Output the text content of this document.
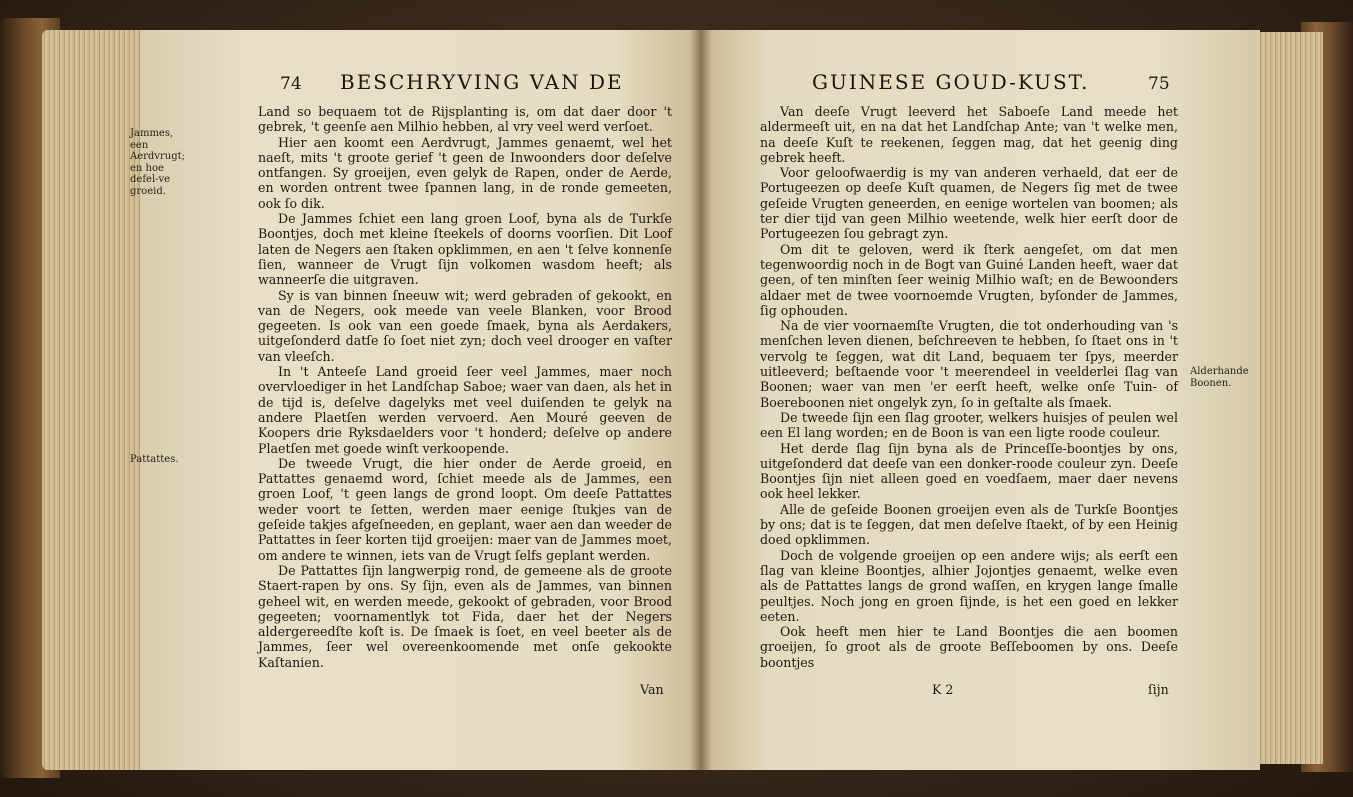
74 BESCHRYVING VAN DE
Jammes, een Aerdvrugt; en hoe defel-ve groeid.
Pattattes.

Land so bequaem tot de Rijsplanting is, om dat daer door 't gebrek, 't geenſe aen Milhio hebben, al vry veel werd verſoet.

Hier aen koomt een Aerdvrugt, Jammes genaemt, wel het naeſt, mits 't groote gerief 't geen de Inwoonders door deſelve ontfangen. Sy groeijen, even gelyk de Rapen, onder de Aerde, en worden ontrent twee ſpannen lang, in de ronde gemeeten, ook ſo dik.

De Jammes ſchiet een lang groen Loof, byna als de Turkſe Boontjes, doch met kleine ſteekels of doorns voorſien. Dit Loof laten de Negers aen ſtaken opklimmen, en aen 't ſelve konnenſe ſien, wanneer de Vrugt ſijn volkomen wasdom heeft; als wanneerſe die uitgraven.

Sy is van binnen ſneeuw wit; werd gebraden of gekookt, en van de Negers, ook meede van veele Blanken, voor Brood gegeeten. Is ook van een goede ſmaek, byna als Aerdakers, uitgeſonderd datſe ſo ſoet niet zyn; doch veel drooger en vaſter van vleeſch.

In 't Anteeſe Land groeid ſeer veel Jammes, maer noch overvloediger in het Landſchap Saboe; waer van daen, als het in de tijd is, deſelve dagelyks met veel duiſenden te gelyk na andere Plaetſen werden vervoerd. Aen Mouré geeven de Koopers drie Ryksdaelders voor 't honderd; deſelve op andere Plaetſen met goede winſt verkoopende.

De tweede Vrugt, die hier onder de Aerde groeid, en Pattattes genaemd word, ſchiet meede als de Jammes, een groen Loof, 't geen langs de grond loopt. Om deeſe Pattattes weder voort te ſetten, werden maer eenige ſtukjes van de geſeide takjes afgeſneeden, en geplant, waer aen dan weeder de Pattattes in ſeer korten tijd groeijen: maer van de Jammes moet, om andere te winnen, iets van de Vrugt ſelfs geplant werden.

De Pattattes ſijn langwerpig rond, de gemeene als de groote Staert-rapen by ons. Sy ſijn, even als de Jammes, van binnen geheel wit, en werden meede, gekookt of gebraden, voor Brood gegeeten; voornamentlyk tot Fida, daer het der Negers aldergereedſte koſt is. De ſmaek is ſoet, en veel beeter als de Jammes, ſeer wel overeenkoomende met onſe gekookte Kaſtanien.

Van
GUINESE GOUD-KUST.	75
Alderhande Boonen.

Van deeſe Vrugt leeverd het Saboeſe Land meede het aldermeeſt uit, en na dat het Landſchap Ante; van 't welke men, na deeſe Kuſt te reekenen, ſeggen mag, dat het geenig ding gebrek heeft.

Voor geloofwaerdig is my van anderen verhaeld, dat eer de Portugeezen op deeſe Kuſt quamen, de Negers ſig met de twee geſeide Vrugten geneerden, en eenige wortelen van boomen; als ter dier tijd van geen Milhio weetende, welk hier eerſt door de Portugeezen ſou gebragt zyn.

Om dit te geloven, werd ik ſterk aengeſet, om dat men tegenwoordig noch in de Bogt van Guiné Landen heeft, waer dat geen, of ten minſten ſeer weinig Milhio waſt; en de Bewoonders aldaer met de twee voornoemde Vrugten, byſonder de Jammes, ſig ophouden.

Na de vier voornaemſte Vrugten, die tot onderhouding van 's menſchen leven dienen, beſchreeven te hebben, ſo ſtaet ons in 't vervolg te ſeggen, wat dit Land, bequaem ter ſpys, meerder uitleeverd; beſtaende voor 't meerendeel in veelderlei ſlag van Boonen; waer van men 'er eerſt heeft, welke onſe Tuin- of Boereboonen niet ongelyk zyn, ſo in geſtalte als ſmaek.

De tweede ſijn een ſlag grooter, welkers huisjes of peulen wel een El lang worden; en de Boon is van een ligte roode couleur.

Het derde ſlag ſijn byna als de Princeſſe-boontjes by ons, uitgeſonderd dat deeſe van een donker-roode couleur zyn. Deeſe Boontjes ſijn niet alleen goed en voedſaem, maer daer nevens ook heel lekker.

Alle de geſeide Boonen groeijen even als de Turkſe Boontjes by ons; dat is te ſeggen, dat men deſelve ſtaekt, of by een Heinig doed opklimmen.

Doch de volgende groeijen op een andere wijs; als eerſt een ſlag van kleine Boontjes, alhier Jojontjes genaemt, welke even als de Pattattes langs de grond waſſen, en krygen lange ſmalle peultjes. Noch jong en groen ſijnde, is het een goed en lekker eeten.

Ook heeft men hier te Land Boontjes die aen boomen groeijen, ſo groot als de groote Beſſeboomen by ons. Deeſe boontjes

K 2	ſijn
